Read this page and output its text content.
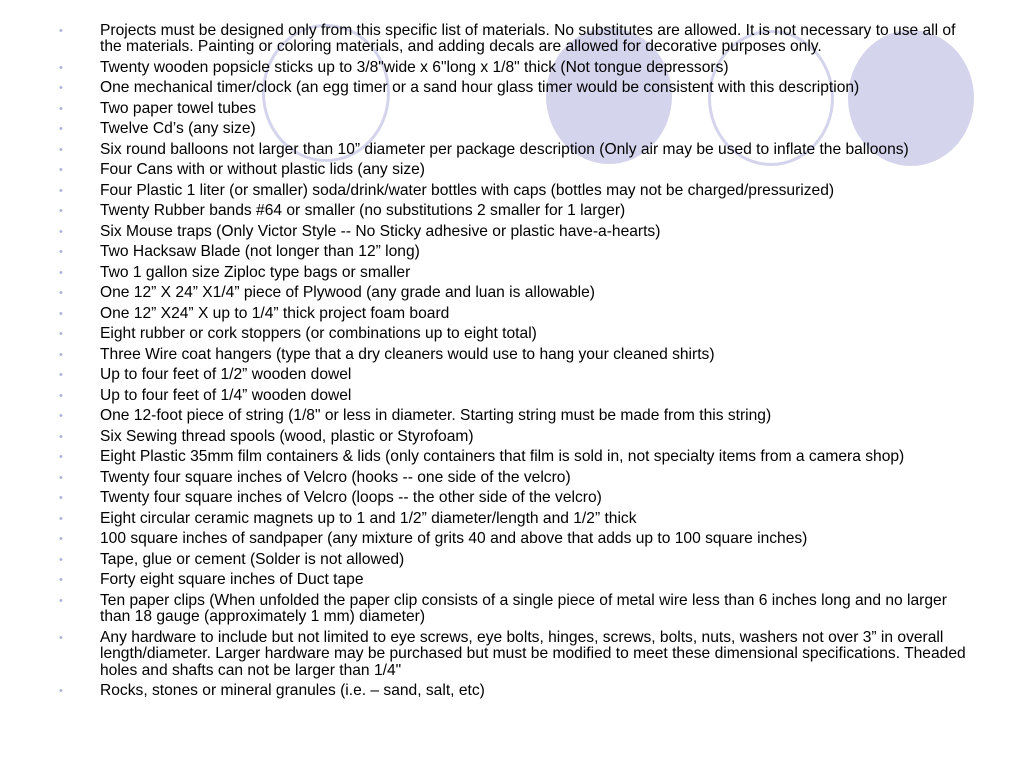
• Projects must be designed only from this specific list of materials. No substitutes are allowed. It is not necessary to use all of the materials. Painting or coloring materials, and adding decals are allowed for decorative purposes only.
• Twenty wooden popsicle sticks up to 3/8"wide x 6"long x 1/8" thick (Not tongue depressors)
• One mechanical timer/clock (an egg timer or a sand hour glass timer would be consistent with this description)
• Two paper towel tubes
• Twelve Cd’s (any size)
• Six round balloons not larger than 10” diameter per package description (Only air may be used to inflate the balloons)
• Four Cans with or without plastic lids (any size)
• Four Plastic 1 liter (or smaller) soda/drink/water bottles with caps (bottles may not be charged/pressurized)
• Twenty Rubber bands #64 or smaller (no substitutions 2 smaller for 1 larger)
• Six Mouse traps (Only Victor Style -- No Sticky adhesive or plastic have-a-hearts)
• Two Hacksaw Blade (not longer than 12” long)
• Two 1 gallon size Ziploc type bags or smaller
• One 12” X 24” X1/4” piece of Plywood (any grade and luan is allowable)
• One 12” X24” X up to 1/4” thick project foam board
• Eight rubber or cork stoppers (or combinations up to eight total)
• Three Wire coat hangers (type that a dry cleaners would use to hang your cleaned shirts)
• Up to four feet of 1/2” wooden dowel
• Up to four feet of 1/4” wooden dowel
• One 12-foot piece of string (1/8" or less in diameter. Starting string must be made from this string)
• Six Sewing thread spools (wood, plastic or Styrofoam)
• Eight Plastic 35mm film containers & lids (only containers that film is sold in, not specialty items from a camera shop)
• Twenty four square inches of Velcro (hooks -- one side of the velcro)
• Twenty four square inches of Velcro (loops -- the other side of the velcro)
• Eight circular ceramic magnets up to 1 and 1/2” diameter/length and 1/2” thick
• 100 square inches of sandpaper (any mixture of grits 40 and above that adds up to 100 square inches)
• Tape, glue or cement (Solder is not allowed)
• Forty eight square inches of Duct tape
• Ten paper clips (When unfolded the paper clip consists of a single piece of metal wire less than 6 inches long and no larger than 18 gauge (approximately 1 mm) diameter)
• Any hardware to include but not limited to eye screws, eye bolts, hinges, screws, bolts, nuts, washers not over 3” in overall length/diameter. Larger hardware may be purchased but must be modified to meet these dimensional specifications. Theaded holes and shafts can not be larger than 1/4"
• Rocks, stones or mineral granules (i.e. – sand, salt, etc)
